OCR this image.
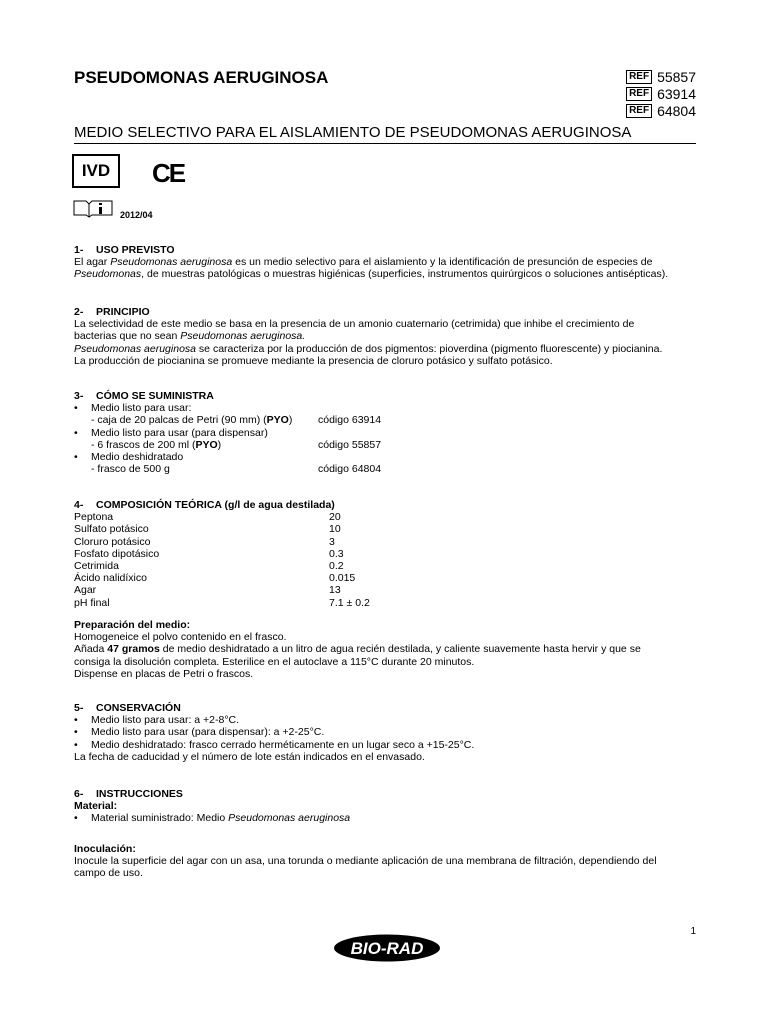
PSEUDOMONAS AERUGINOSA	REF 55857
REF 63914
REF 64804
MEDIO SELECTIVO PARA EL AISLAMIENTO DE PSEUDOMONAS AERUGINOSA
IVD	CE
2012/04

1- USO PREVISTO

El agar Pseudomonas aeruginosa es un medio selectivo para el aislamiento y la identificación de presunción de especies de

Pseudomonas, de muestras patológicas o muestras higiénicas (superficies, instrumentos quirúrgicos o soluciones antisépticas).

2- PRINCIPIO

La selectividad de este medio se basa en la presencia de un amonio cuaternario (cetrimida) que inhibe el crecimiento de

bacterias que no sean Pseudomonas aeruginosa.

Pseudomonas aeruginosa se caracteriza por la producción de dos pigmentos: pioverdina (pigmento fluorescente) y piocianina.

La producción de piocianina se promueve mediante la presencia de cloruro potásico y sulfato potásico.

3- CÓMO SE SUMINISTRA

•	Medio listo para usar:
- caja de 20 palcas de Petri (90 mm) (PYO)	código 63914
•	Medio listo para usar (para dispensar)
- 6 frascos de 200 ml (PYO)	código 55857
•	Medio deshidratado
- frasco de 500 g	código 64804

4- COMPOSICIÓN TEÓRICA (g/l de agua destilada)

Peptona	20
Sulfato potásico	10
Cloruro potásico	3
Fosfato dipotásico	0.3
Cetrimida	0.2
Ácido nalidíxico	0.015
Agar	13
pH final	7.1 ± 0.2

Preparación del medio:

Homogeneice el polvo contenido en el frasco.

Añada 47 gramos de medio deshidratado a un litro de agua recién destilada, y caliente suavemente hasta hervir y que se

consiga la disolución completa. Esterilice en el autoclave a 115°C durante 20 minutos.

Dispense en placas de Petri o frascos.

5- CONSERVACIÓN

•	Medio listo para usar: a +2-8°C.
•	Medio listo para usar (para dispensar): a +2-25°C.
•	Medio deshidratado: frasco cerrado herméticamente en un lugar seco a +15-25°C.

La fecha de caducidad y el número de lote están indicados en el envasado.

6- INSTRUCCIONES

Material:

•	Material suministrado: Medio Pseudomonas aeruginosa

Inoculación:

Inocule la superficie del agar con un asa, una torunda o mediante aplicación de una membrana de filtración, dependiendo del

campo de uso.

1
BIO-RAD
